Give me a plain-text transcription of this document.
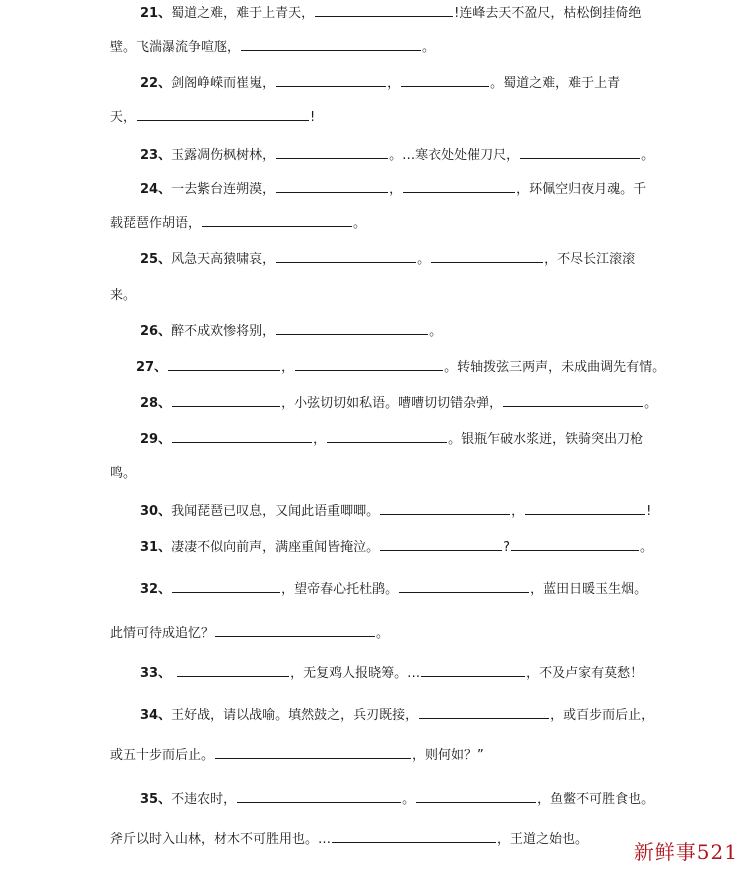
21、蜀道之难，难于上青天，	!连峰去天不盈尺，枯松倒挂倚绝
壁。飞湍瀑流争喧豗，	。
22、剑阁峥嵘而崔嵬，	，	。蜀道之难，难于上青
天，	!
23、玉露凋伤枫树林，	。…寒衣处处催刀尺，	。
24、一去紫台连朔漠，	，	，环佩空归夜月魂。千
载琵琶作胡语，	。
25、风急天高猿啸哀，	。	，不尽长江滚滚
来。
26、醉不成欢惨将别，	。
27、	，	。转轴拨弦三两声，未成曲调先有情。
28、	，小弦切切如私语。嘈嘈切切错杂弹，	。
29、	，	。银瓶乍破水浆迸，铁骑突出刀枪
鸣。
30、我闻琵琶已叹息，又闻此语重唧唧。	，	!
31、凄凄不似向前声，满座重闻皆掩泣。	?	。
32、	，望帝春心托杜鹃。	，蓝田日暖玉生烟。
此情可待成追忆？	。
33、	，无复鸡人报晓筹。…	，不及卢家有莫愁！
34、王好战，请以战喻。填然鼓之，兵刃既接，	，或百步而后止，
或五十步而后止。	，则何如？”
35、不违农时，	。	，鱼鳖不可胜食也。
斧斤以时入山林，材木不可胜用也。…	，王道之始也。
新鲜事521
